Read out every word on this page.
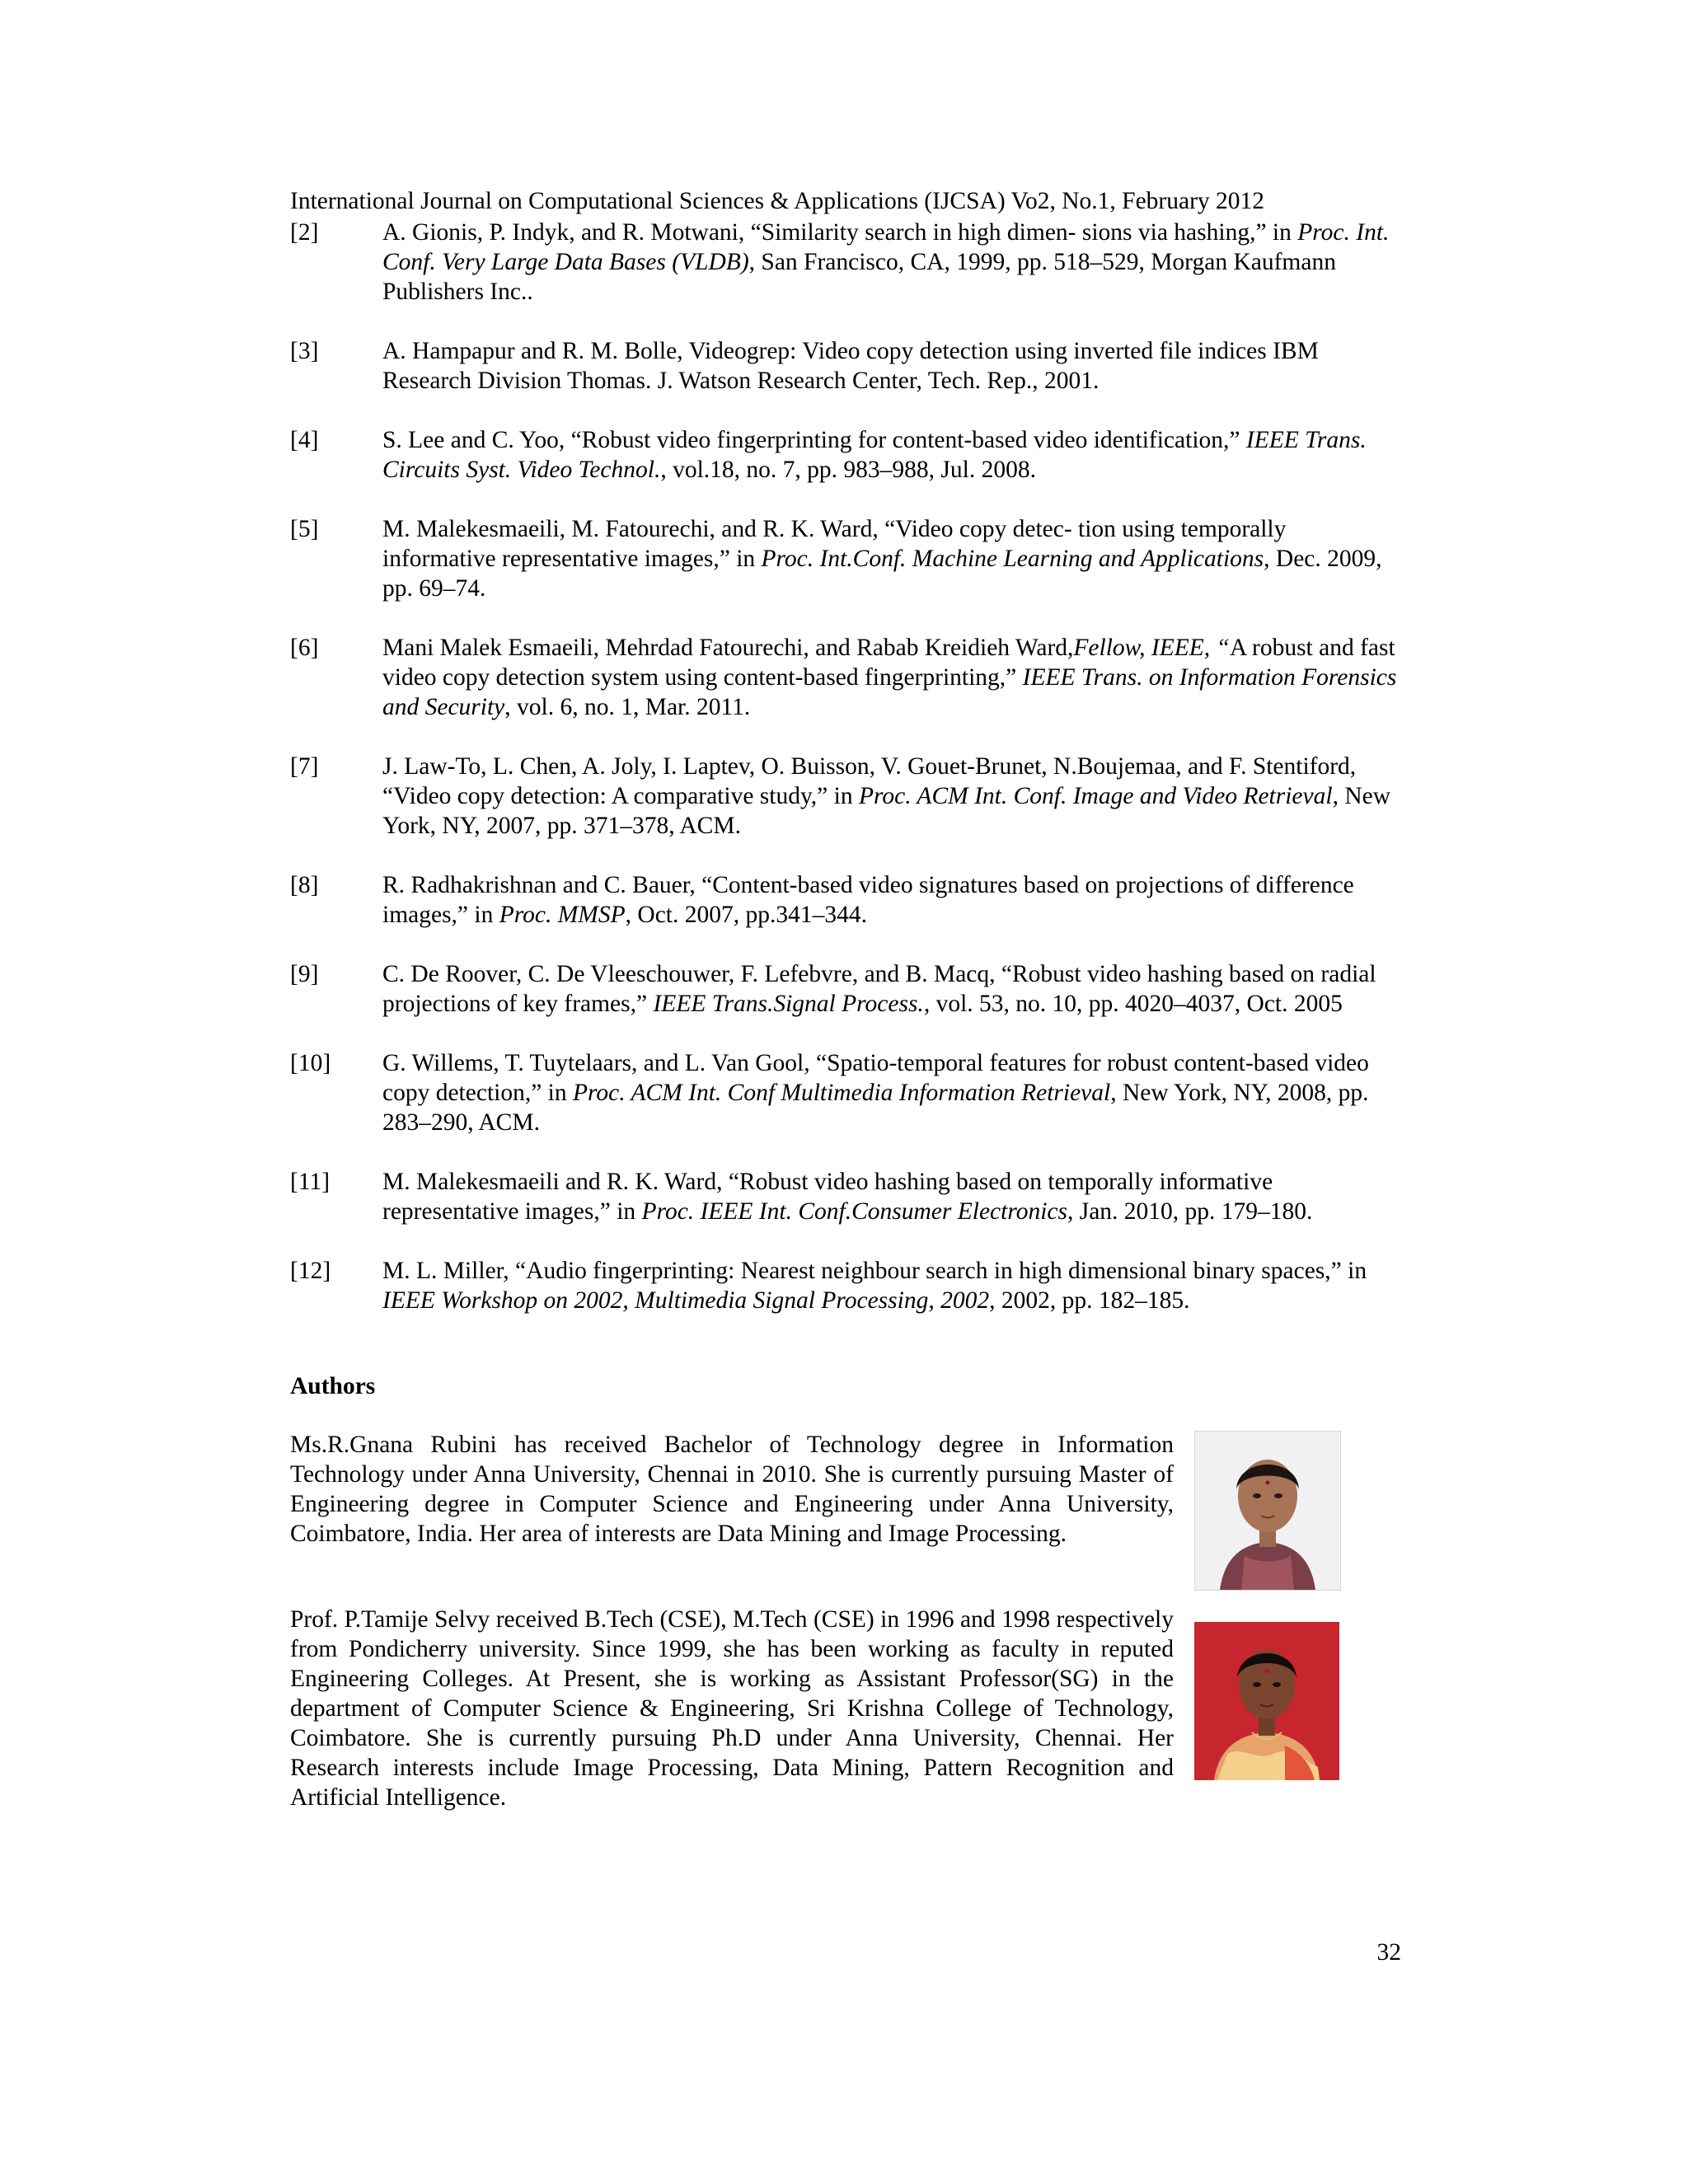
International Journal on Computational Sciences & Applications (IJCSA) Vo2, No.1, February 2012
[2]	A. Gionis, P. Indyk, and R. Motwani, “Similarity search in high dimen- sions via hashing,” in Proc. Int. Conf. Very Large Data Bases (VLDB), San Francisco, CA, 1999, pp. 518–529, Morgan Kaufmann Publishers Inc..
[3]	A. Hampapur and R. M. Bolle, Videogrep: Video copy detection using inverted file indices IBM Research Division Thomas. J. Watson Research Center, Tech. Rep., 2001.
[4]	S. Lee and C. Yoo, “Robust video fingerprinting for content-based video identification,” IEEE Trans. Circuits Syst. Video Technol., vol.18, no. 7, pp. 983–988, Jul. 2008.
[5]	M. Malekesmaeili, M. Fatourechi, and R. K. Ward, “Video copy detec- tion using temporally informative representative images,” in Proc. Int.Conf. Machine Learning and Applications, Dec. 2009, pp. 69–74.
[6]	Mani Malek Esmaeili, Mehrdad Fatourechi, and Rabab Kreidieh Ward,Fellow, IEEE, “A robust and fast video copy detection system using content-based fingerprinting,” IEEE Trans. on Information Forensics and Security, vol. 6, no. 1, Mar. 2011.
[7]	J. Law-To, L. Chen, A. Joly, I. Laptev, O. Buisson, V. Gouet-Brunet, N.Boujemaa, and F. Stentiford, “Video copy detection: A comparative study,” in Proc. ACM Int. Conf. Image and Video Retrieval, New York, NY, 2007, pp. 371–378, ACM.
[8]	R. Radhakrishnan and C. Bauer, “Content-based video signatures based on projections of difference images,” in Proc. MMSP, Oct. 2007, pp.341–344.
[9]	C. De Roover, C. De Vleeschouwer, F. Lefebvre, and B. Macq, “Robust video hashing based on radial projections of key frames,” IEEE Trans.Signal Process., vol. 53, no. 10, pp. 4020–4037, Oct. 2005
[10]	G. Willems, T. Tuytelaars, and L. Van Gool, “Spatio-temporal features for robust content-based video copy detection,” in Proc. ACM Int. Conf Multimedia Information Retrieval, New York, NY, 2008, pp. 283–290, ACM.
[11]	M. Malekesmaeili and R. K. Ward, “Robust video hashing based on temporally informative representative images,” in Proc. IEEE Int. Conf.Consumer Electronics, Jan. 2010, pp. 179–180.
[12]	M. L. Miller, “Audio fingerprinting: Nearest neighbour search in high dimensional binary spaces,” in IEEE Workshop on 2002, Multimedia Signal Processing, 2002, 2002, pp. 182–185.
Authors
Ms.R.Gnana Rubini has received Bachelor of Technology degree in Information Technology under Anna University, Chennai in 2010. She is currently pursuing Master of Engineering degree in Computer Science and Engineering under Anna University, Coimbatore, India. Her area of interests are Data Mining and Image Processing.
Prof. P.Tamije Selvy received B.Tech (CSE), M.Tech (CSE) in 1996 and 1998 respectively from Pondicherry university. Since 1999, she has been working as faculty in reputed Engineering Colleges. At Present, she is working as Assistant Professor(SG) in the department of Computer Science & Engineering, Sri Krishna College of Technology, Coimbatore. She is currently pursuing Ph.D under Anna University, Chennai. Her Research interests include Image Processing, Data Mining, Pattern Recognition and Artificial Intelligence.
32
